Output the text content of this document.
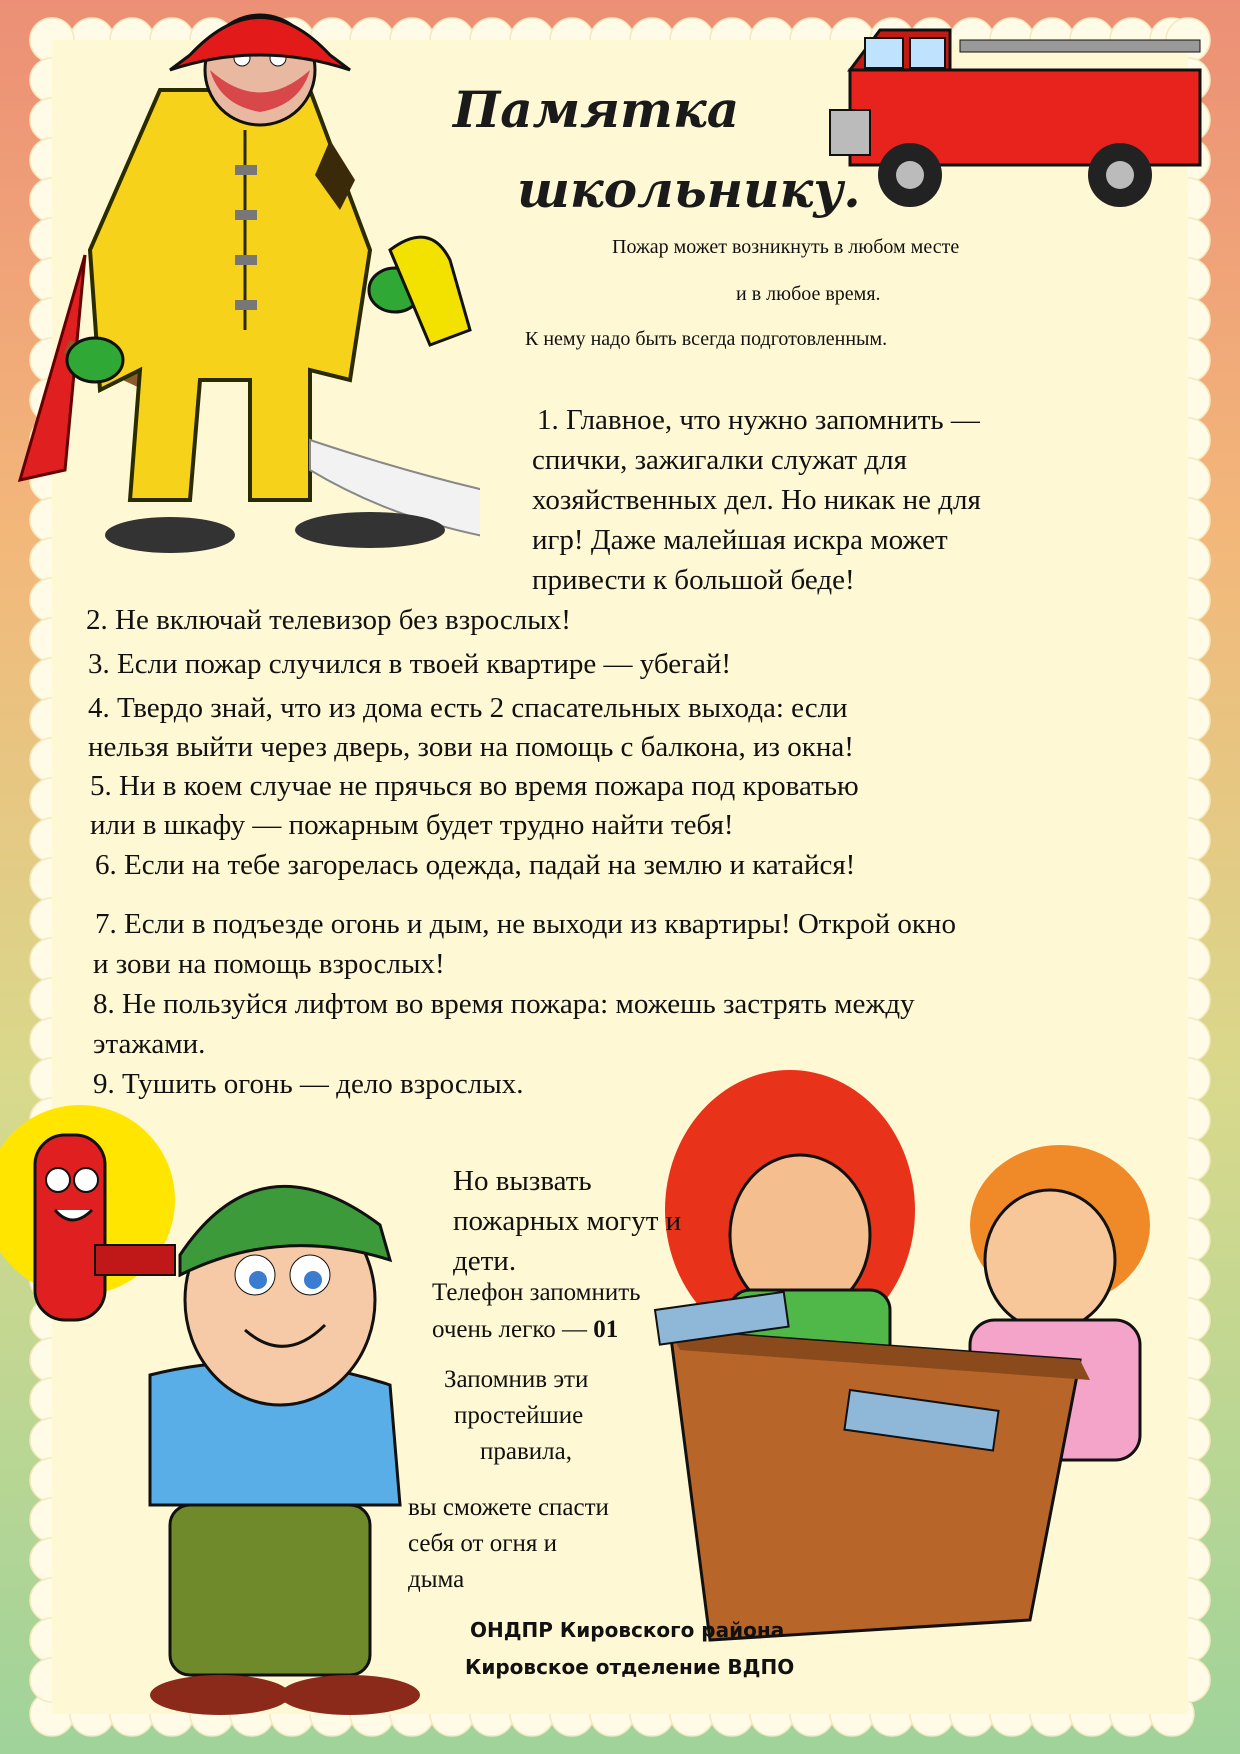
Памятка
школьнику.
Пожар может возникнуть в любом месте
и в любое время.
К нему надо быть всегда подготовленным.
1. Главное, что нужно запомнить —
спички, зажигалки служат для
хозяйственных дел. Но никак не для
игр! Даже малейшая искра может
привести к большой беде!
2. Не включай телевизор без взрослых!
3. Если пожар случился в твоей квартире — убегай!
4. Твердо знай, что из дома есть 2 спасательных выхода: если
нельзя выйти через дверь, зови на помощь с балкона, из окна!
5. Ни в коем случае не прячься во время пожара под кроватью
или в шкафу — пожарным будет трудно найти тебя!
6. Если на тебе загорелась одежда, падай на землю и катайся!
7. Если в подъезде огонь и дым, не выходи из квартиры! Открой окно
и зови на помощь взрослых!
8. Не пользуйся лифтом во время пожара: можешь застрять между
этажами.
9. Тушить огонь — дело взрослых.
Но вызвать
пожарных могут и
дети.
Телефон запомнить
очень легко — 01
Запомнив эти
простейшие
правила,
вы сможете спасти
себя от огня и
дыма
ОНДПР Кировского района
Кировское отделение ВДПО
